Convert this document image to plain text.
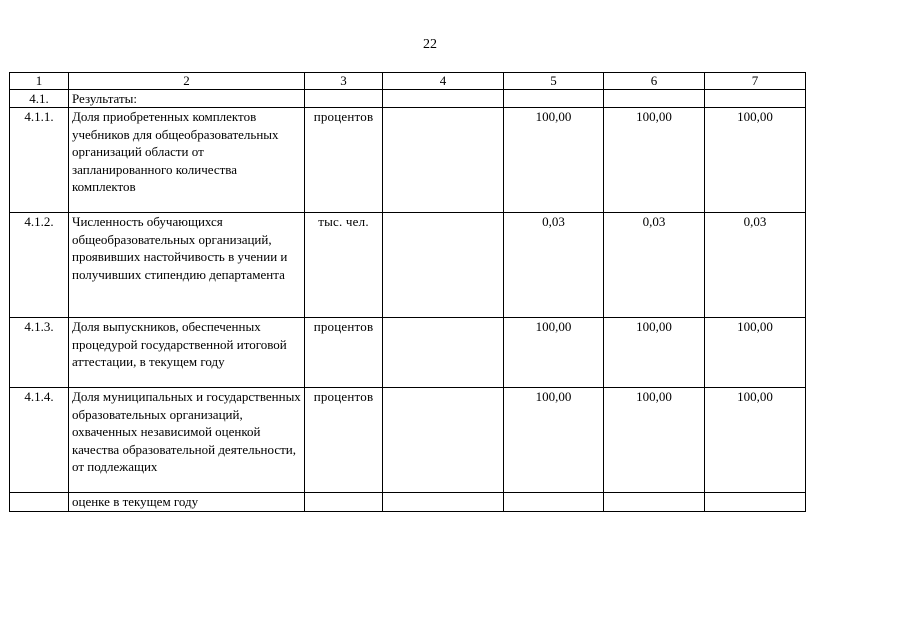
22
1	2	3	4	5	6	7
4.1.	Результаты:					
4.1.1.	Доля приобретенных комплектов учебников для общеобразовательных организаций области от запланированного количества комплектов	процентов		100,00	100,00	100,00
4.1.2.	Численность обучающихся общеобразовательных организаций, проявивших настойчивость в учении и получивших стипендию департамента	тыс. чел.		0,03	0,03	0,03
4.1.3.	Доля выпускников, обеспеченных процедурой государственной итоговой аттестации, в текущем году	процентов		100,00	100,00	100,00
4.1.4.	Доля муниципальных и государственных образовательных организаций, охваченных независимой оценкой качества образовательной деятельности, от подлежащих	процентов		100,00	100,00	100,00
	оценке в текущем году					
